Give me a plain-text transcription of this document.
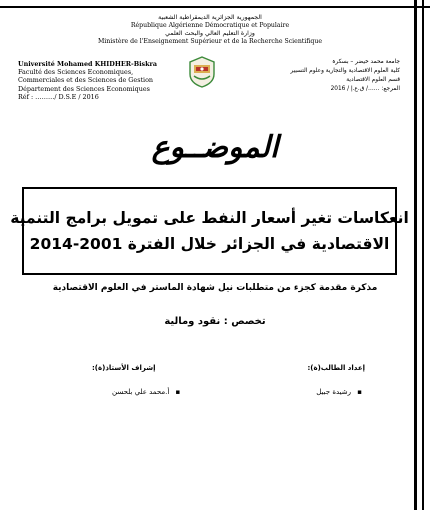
الجمهورية الجزائرية الديمقراطية الشعبية
République Algérienne Démocratique et Populaire
وزارة التعليم العالي والبحث العلمي
Ministère de l'Enseignement Supérieur et de la Recherche Scientifique
Université Mohamed KHIDHER-Biskra
Faculté des Sciences Economiques,
Commerciales et des Sciences de Gestion
Département des Sciences Economiques
Réf : ………/ D.S.E / 2016
جامعة محمد خيضر – بسكرة
كلية العلوم الاقتصادية والتجارية وعلوم التسيير
قسم العلوم الاقتصادية
المرجع: ……/ ق.ع.إ / 2016
الموضــوع
انعكاسات تغير أسعار النفط على تمويل برامج التنمية
الاقتصادية في الجزائر خلال الفترة 2001-2014
مذكرة مقدمة كجزء من متطلبات نيل شهادة الماستر في العلوم الاقتصادية
تخصص : نقود ومالية
إعداد الطالب(ة):
إشراف الأستاذ(ة):
▪ رشيدة جبيل
▪ أ.محمد علي بلحسن
